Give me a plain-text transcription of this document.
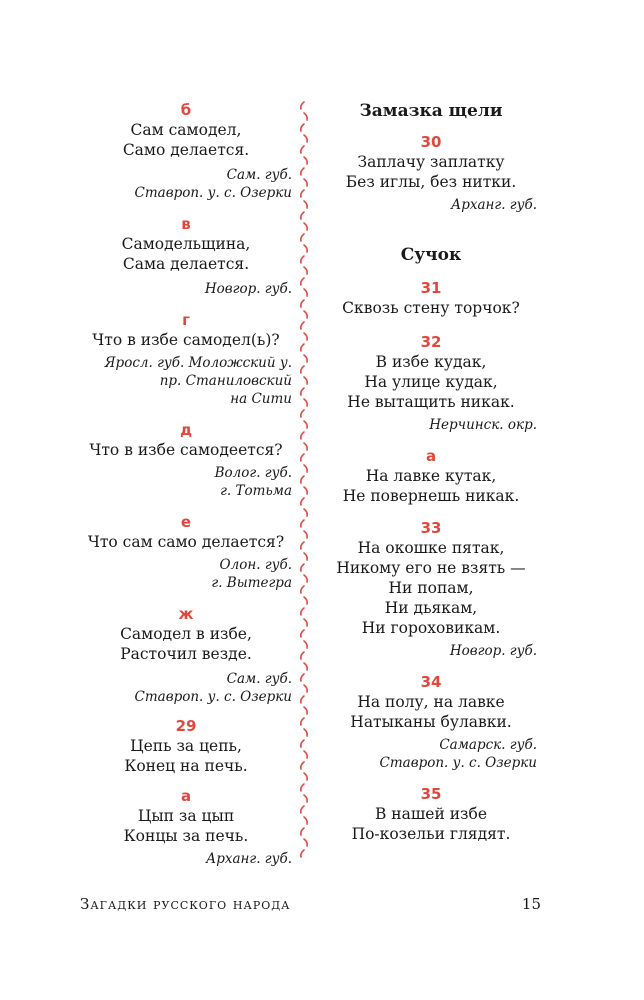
б
Сам самодел,
Само делается.
Сам. губ.
Ставроп. у. с. Озерки
в
Самодельщина,
Сама делается.
Новгор. губ.
г
Что в избе самодел(ь)?
Яросл. губ. Моложский у.
пр. Станиловский
на Сити
д
Что в избе самодеется?
Волог. губ.
г. Тотьма
е
Что сам само делается?
Олон. губ.
г. Вытегра
ж
Самодел в избе,
Расточил везде.
Сам. губ.
Ставроп. у. с. Озерки
29
Цепь за цепь,
Конец на печь.
а
Цып за цып
Концы за печь.
Арханг. губ.
Замазка щели
30
Заплачу заплатку
Без иглы, без нитки.
Арханг. губ.
Сучок
31
Сквозь стену торчок?
32
В избе кудак,
На улице кудак,
Не вытащить никак.
Нерчинск. окр.
а
На лавке кутак,
Не повернешь никак.
33
На окошке пятак,
Никому его не взять —
Ни попам,
Ни дьякам,
Ни гороховикам.
Новгор. губ.
34
На полу, на лавке
Натыканы булавки.
Самарск. губ.
Ставроп. у. с. Озерки
35
В нашей избе
По-козельи глядят.
Загадки русского народа	15
